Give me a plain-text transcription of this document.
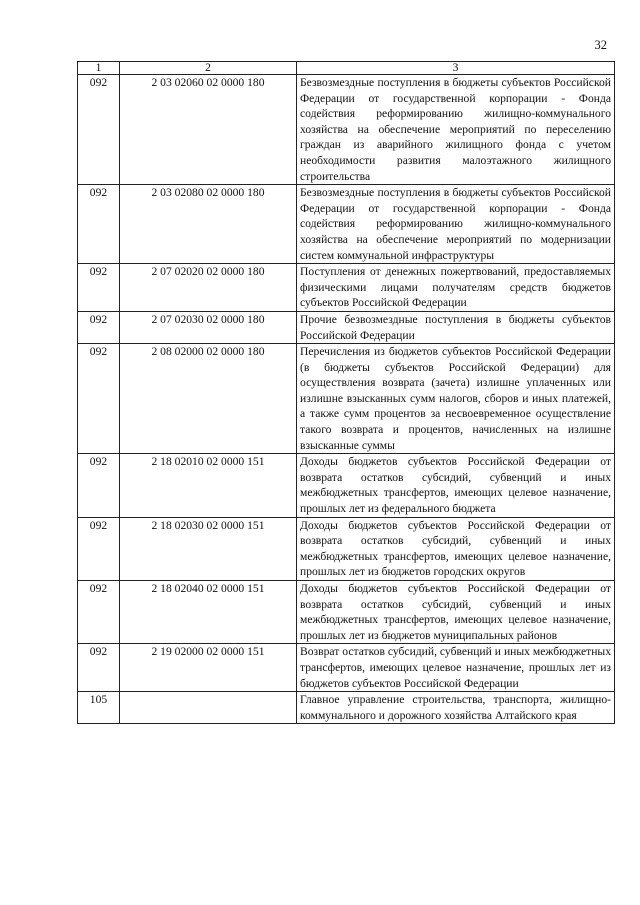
32
1	2	3
092	2 03 02060 02 0000 180	Безвозмездные поступления в бюджеты субъектов Российской Федерации от государственной корпорации - Фонда содействия реформированию жилищно-коммунального хозяйства на обеспечение мероприятий по переселению граждан из аварийного жилищного фонда с учетом необходимости развития малоэтажного жилищного строительства
092	2 03 02080 02 0000 180	Безвозмездные поступления в бюджеты субъектов Российской Федерации от государственной корпорации - Фонда содействия реформированию жилищно-коммунального хозяйства на обеспечение мероприятий по модернизации систем коммунальной инфраструктуры
092	2 07 02020 02 0000 180	Поступления от денежных пожертвований, предоставляемых физическими лицами получателям средств бюджетов субъектов Российской Федерации
092	2 07 02030 02 0000 180	Прочие безвозмездные поступления в бюджеты субъектов Российской Федерации
092	2 08 02000 02 0000 180	Перечисления из бюджетов субъектов Российской Федерации (в бюджеты субъектов Российской Федерации) для осуществления возврата (зачета) излишне уплаченных или излишне взысканных сумм налогов, сборов и иных платежей, а также сумм процентов за несвоевременное осуществление такого возврата и процентов, начисленных на излишне взысканные суммы
092	2 18 02010 02 0000 151	Доходы бюджетов субъектов Российской Федерации от возврата остатков субсидий, субвенций и иных межбюджетных трансфертов, имеющих целевое назначение, прошлых лет из федерального бюджета
092	2 18 02030 02 0000 151	Доходы бюджетов субъектов Российской Федерации от возврата остатков субсидий, субвенций и иных межбюджетных трансфертов, имеющих целевое назначение, прошлых лет из бюджетов городских округов
092	2 18 02040 02 0000 151	Доходы бюджетов субъектов Российской Федерации от возврата остатков субсидий, субвенций и иных межбюджетных трансфертов, имеющих целевое назначение, прошлых лет из бюджетов муниципальных районов
092	2 19 02000 02 0000 151	Возврат остатков субсидий, субвенций и иных межбюджетных трансфертов, имеющих целевое назначение, прошлых лет из бюджетов субъектов Российской Федерации
105		Главное управление строительства, транспорта, жилищно-коммунального и дорожного хозяйства Алтайского края
